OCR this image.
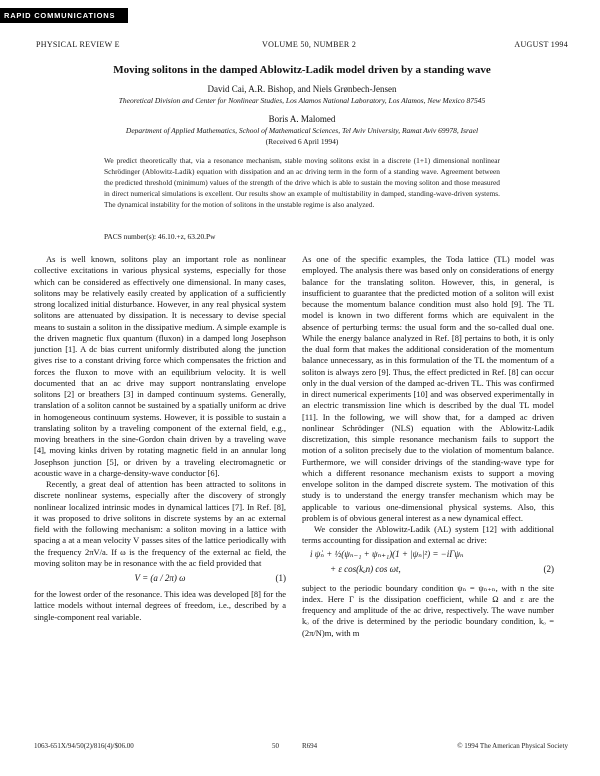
RAPID COMMUNICATIONS
PHYSICAL REVIEW E	VOLUME 50, NUMBER 2	AUGUST 1994
Moving solitons in the damped Ablowitz-Ladik model driven by a standing wave

David Cai, A.R. Bishop, and Niels Grønbech-Jensen

Theoretical Division and Center for Nonlinear Studies, Los Alamos National Laboratory, Los Alamos, New Mexico 87545

Boris A. Malomed

Department of Applied Mathematics, School of Mathematical Sciences, Tel Aviv University, Ramat Aviv 69978, Israel

(Received 6 April 1994)

We predict theoretically that, via a resonance mechanism, stable moving solitons exist in a discrete (1+1) dimensional nonlinear Schrödinger (Ablowitz-Ladik) equation with dissipation and an ac driving term in the form of a standing wave. Agreement between the predicted threshold (minimum) values of the strength of the drive which is able to sustain the moving soliton and those measured in direct numerical simulations is excellent. Our results show an example of multistability in damped, standing-wave-driven systems. The dynamical instability for the motion of solitons in the unstable regime is also analyzed.

PACS number(s): 46.10.+z, 63.20.Pw

As is well known, solitons play an important role as nonlinear collective excitations in various physical systems, especially for those which can be considered as effectively one dimensional. In many cases, solitons may be relatively easily created by application of a sufficiently strong localized initial disturbance. However, in any real physical system solitons are attenuated by dissipation. It is necessary to devise special means to sustain a soliton in the dissipative medium. A simple example is the driven magnetic flux quantum (fluxon) in a damped long Josephson junction [1]. A dc bias current uniformly distributed along the junction gives rise to a constant driving force which compensates the friction and forces the fluxon to move with an equilibrium velocity. It is well documented that an ac drive may support nontranslating envelope solitons [2] or breathers [3] in damped continuum systems. Generally, translation of a soliton cannot be sustained by a spatially uniform ac drive in homogeneous continuum systems. However, it is possible to sustain a translating soliton by a traveling component of the external field, e.g., moving breathers in the sine-Gordon chain driven by a traveling wave [4], moving kinks driven by rotating magnetic field in an annular long Josephson junction [5], or driven by a traveling electromagnetic or acoustic wave in a charge-density-wave conductor [6].

Recently, a great deal of attention has been attracted to solitons in discrete nonlinear systems, especially after the discovery of strongly nonlinear localized intrinsic modes in dynamical lattices [7]. In Ref. [8], it was proposed to drive solitons in discrete systems by an ac external field with the following mechanism: a soliton moving in a lattice with spacing a at a mean velocity V passes sites of the lattice periodically with the frequency 2πV/a. If ω is the frequency of the external ac field, the moving soliton may be in resonance with the ac field provided that

V = (a / 2π) ω	(1)

for the lowest order of the resonance. This idea was developed [8] for the lattice models without internal degrees of freedom, i.e., described by a single-component real variable.

As one of the specific examples, the Toda lattice (TL) model was employed. The analysis there was based only on considerations of energy balance for the translating soliton. However, this, in general, is insufficient to guarantee that the predicted motion of a soliton will exist because the momentum balance condition must also hold [9]. The TL model is known in two different forms which are equivalent in the absence of perturbing terms: the usual form and the so-called dual one. While the energy balance analyzed in Ref. [8] pertains to both, it is only the dual form that makes the additional consideration of the momentum balance unnecessary, as in this formulation of the TL the momentum of a soliton is always zero [9]. Thus, the effect predicted in Ref. [8] can occur only in the dual version of the damped ac-driven TL. This was confirmed in direct numerical experiments [10] and was observed experimentally in an electric transmission line which is described by the dual TL model [11]. In the following, we will show that, for a damped ac driven nonlinear Schrödinger (NLS) equation with the Ablowitz-Ladik discretization, this simple resonance mechanism fails to support the motion of a soliton precisely due to the violation of momentum balance. Furthermore, we will consider drivings of the standing-wave type for which a different resonance mechanism exists to support a moving envelope soliton in the damped discrete system. The motivation of this study is to understand the energy transfer mechanism which may be applicable to various one-dimensional physical systems. Also, this problem is of obvious general interest as a new dynamical effect.

We consider the Ablowitz-Ladik (AL) system [12] with additional terms accounting for dissipation and external ac drive:

i ψ̇ₙ + ½(ψₙ₋₁ + ψₙ₊₁)(1 + |ψₙ|²) = −iΓψₙ
+ ε cos(kₒn) cos ωt,	(2)

subject to the periodic boundary condition ψₙ = ψₙ₊ₙ, with n the site index. Here Γ is the dissipation coefficient, while Ω and ε are the frequency and amplitude of the ac drive, respectively. The wave number kₒ of the drive is determined by the periodic boundary condition, kₒ = (2π/N)m, with m

1063-651X/94/50(2)/816(4)/$06.00	50	R694	© 1994 The American Physical Society
